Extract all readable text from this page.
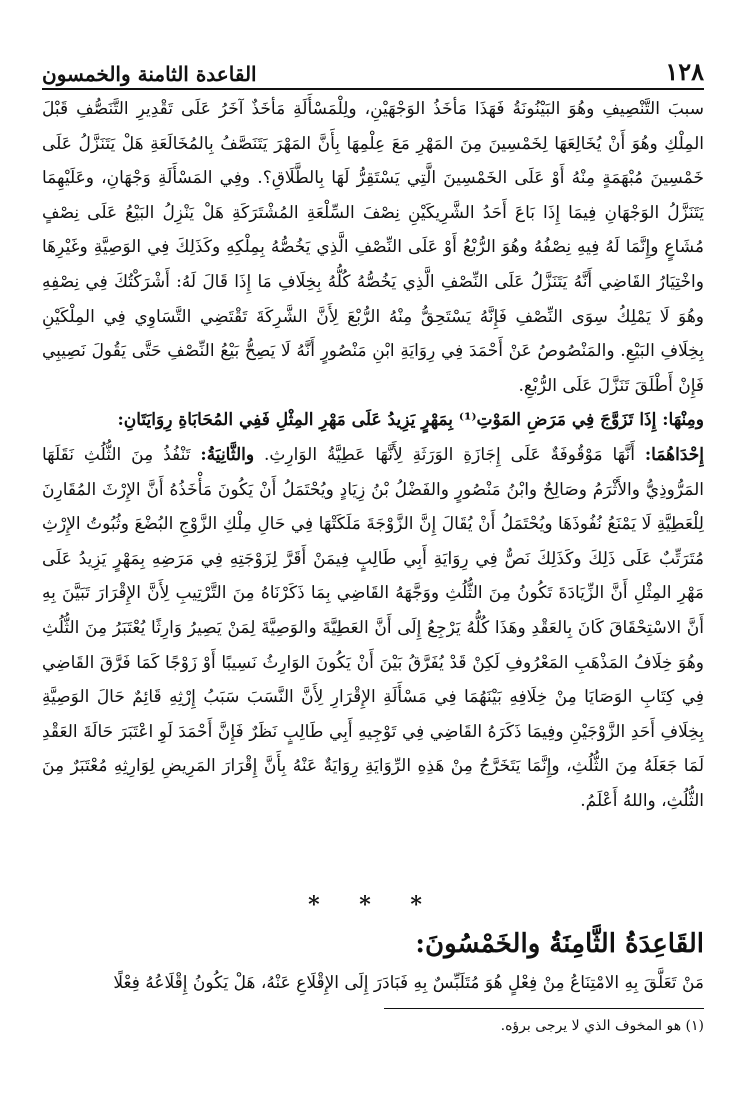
١٢٨
القاعدة الثامنة والخمسون

سببَ التَّنْصِيفِ وهُوَ البَيْنُونَةُ فَهَذَا مَأخَذُ الوَجْهَيْنِ، ولِلْمَسْأَلَةِ مَأخَذٌ آخَرُ عَلَى تَقْدِيرِ التَّنَصُّفِ قَبْلَ المِلْكِ وهُوَ أَنْ يُخَالِعَهَا لِخَمْسِينَ مِنَ المَهْرِ مَعَ عِلْمِهَا بِأَنَّ المَهْرَ يَتَنَصَّفُ بِالمُخَالَعَةِ هَلْ يَتَنَزَّلُ عَلَى خَمْسِينَ مُبْهَمَةٍ مِنْهُ أَوْ عَلَى الخَمْسِينَ الَّتِي يَسْتَقِرُّ لَهَا بِالطَّلَاقِ؟. وفِي المَسْأَلَةِ وَجْهَانِ، وعَلَيْهِمَا يَتَنَزَّلُ الوَجْهَانِ فِيمَا إِذَا بَاعَ أَحَدُ الشَّرِيكَيْنِ نِصْفَ السِّلْعَةِ المُشْتَرَكَةِ هَلْ يَنْزِلُ البَيْعُ عَلَى نِصْفٍ مُشَاعٍ وإِنَّمَا لَهُ فِيهِ نِصْفُهُ وهُوَ الرُّبْعُ أَوْ عَلَى النِّصْفِ الَّذِي يَخُصُّهُ بِمِلْكِهِ وكَذَلِكَ فِي الوَصِيَّةِ وغَيْرِهَا واخْتِيَارُ القَاضِي أَنَّهُ يَتَنَزَّلُ عَلَى النِّصْفِ الَّذِي يَخُصُّهُ كُلُّهُ بِخِلَافِ مَا إِذَا قَالَ لَهُ: أَشْرَكْتُكَ فِي نِصْفِهِ وهُوَ لَا يَمْلِكُ سِوَى النِّصْفِ فَإِنَّهُ يَسْتَحِقُّ مِنْهُ الرُّبْعَ لِأَنَّ الشَّرِكَةَ تَقْتَضِي التَّسَاوِي فِي المِلْكَيْنِ بِخِلَافِ البَيْعِ. والمَنْصُوصُ عَنْ أَحْمَدَ فِي رِوَايَةِ ابْنِ مَنْصُورٍ أَنَّهُ لَا يَصِحُّ بَيْعُ النِّصْفِ حَتَّى يَقُولَ نَصِيبِي فَإِنْ أَطْلَقَ تَنَزَّلَ عَلَى الرُّبْعِ.

ومِنْهَا: إِذَا تَزَوَّجَ فِي مَرَضِ المَوْتِ⁽¹⁾ بِمَهْرٍ يَزِيدُ عَلَى مَهْرِ المِثْلِ فَفِي المُحَابَاةِ رِوَايَتَانِ:

إِحْدَاهُمَا: أَنَّهَا مَوْقُوفَةٌ عَلَى إِجَازَةِ الوَرَثَةِ لِأَنَّهَا عَطِيَّةُ الوَارِثِ. والثَّانِيَةُ: تَنْفُذُ مِنَ الثُّلُثِ نَقَلَهَا المَرُّوذِيُّ والأَثْرَمُ وصَالِحٌ وابْنُ مَنْصُورٍ والفَضْلُ بْنُ زِيَادٍ ويُحْتَمَلُ أَنْ يَكُونَ مَأْخَذُهُ أَنَّ الإِرْثَ المُقَارِنَ لِلْعَطِيَّةِ لَا يَمْنَعُ نُفُوذَهَا ويُحْتَمَلُ أَنْ يُقَالَ إِنَّ الزَّوْجَةَ مَلَكَتْهَا فِي حَالِ مِلْكِ الزَّوْجِ البُضْعَ وثُبُوتُ الإِرْثِ مُتَرَتِّبٌ عَلَى ذَلِكَ وكَذَلِكَ نَصٌّ فِي رِوَايَةِ أَبِي طَالِبٍ فِيمَنْ أَقَرَّ لِزَوْجَتِهِ فِي مَرَضِهِ بِمَهْرٍ يَزِيدُ عَلَى مَهْرِ المِثْلِ أَنَّ الزِّيَادَةَ تَكُونُ مِنَ الثُّلُثِ ووَجَّهَهُ القَاضِي بِمَا ذَكَرْنَاهُ مِنَ التَّرْتِيبِ لِأَنَّ الإِقْرَارَ تَبَيَّنَ بِهِ أَنَّ الاسْتِحْقَاقَ كَانَ بِالعَقْدِ وهَذَا كُلُّهُ يَرْجِعُ إِلَى أَنَّ العَطِيَّةَ والوَصِيَّةَ لِمَنْ يَصِيرُ وَارِثًا يُعْتَبَرُ مِنَ الثُّلُثِ وهُوَ خِلَافُ المَذْهَبِ المَعْرُوفِ لَكِنْ قَدْ يُفَرَّقُ بَيْنَ أَنْ يَكُونَ الوَارِثُ نَسِيبًا أَوْ زَوْجًا كَمَا فَرَّقَ القَاضِي فِي كِتَابِ الوَصَايَا مِنْ خِلَافِهِ بَيْنَهُمَا فِي مَسْأَلَةِ الإِقْرَارِ لِأَنَّ النَّسَبَ سَبَبُ إِرْثِهِ قَائِمٌ حَالَ الوَصِيَّةِ بِخِلَافِ أَحَدِ الزَّوْجَيْنِ وفِيمَا ذَكَرَهُ القَاضِي فِي تَوْجِيهِ أَبِي طَالِبٍ نَظَرٌ فَإِنَّ أَحْمَدَ لَوِ اعْتَبَرَ حَالَةَ العَقْدِ لَمَا جَعَلَهُ مِنَ الثُّلُثِ، وإِنَّمَا يَتَخَرَّجُ مِنْ هَذِهِ الرِّوَايَةِ رِوَايَةٌ عَنْهُ بِأَنَّ إِقْرَارَ المَرِيضِ لِوَارِثِهِ مُعْتَبَرٌ مِنَ الثُّلُثِ، واللهُ أَعْلَمُ.

* * *
القَاعِدَةُ الثَّامِنَةُ والخَمْسُونَ:
مَنْ تَعَلَّقَ بِهِ الامْتِنَاعُ مِنْ فِعْلٍ هُوَ مُتَلَبِّسٌ بِهِ فَبَادَرَ إِلَى الإِقْلَاعِ عَنْهُ، هَلْ يَكُونُ إِقْلَاعُهُ فِعْلًا
(١) هو المخوف الذي لا يرجى برؤه.
